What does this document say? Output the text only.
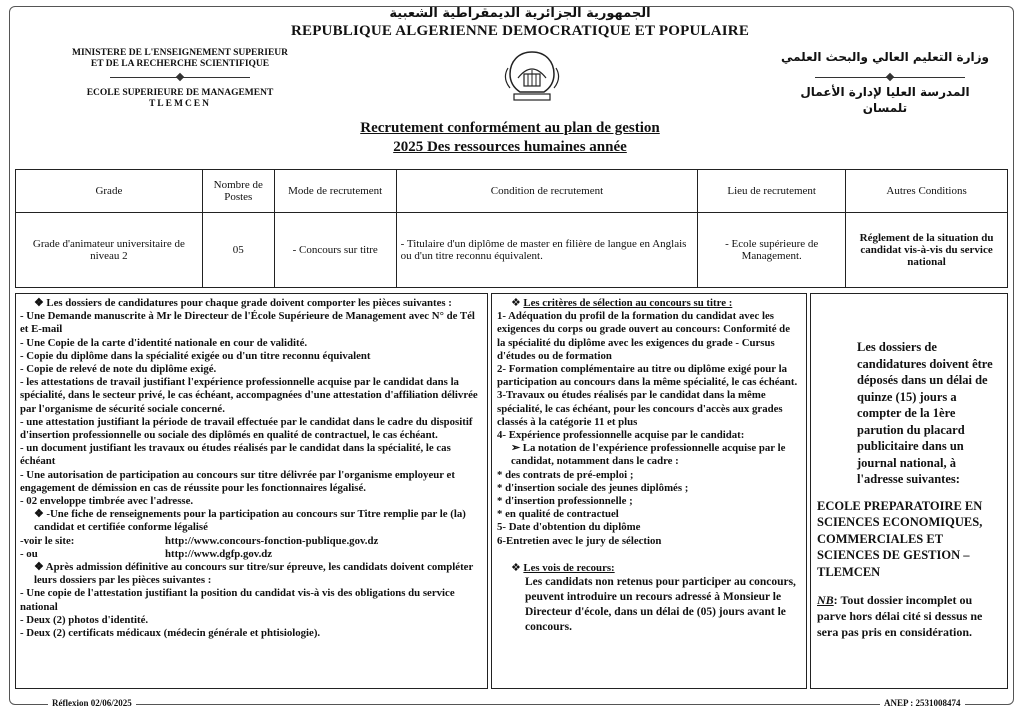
الجمهورية الجزائرية الديمقراطية الشعبية
REPUBLIQUE ALGERIENNE DEMOCRATIQUE ET POPULAIRE
MINISTERE DE L'ENSEIGNEMENT SUPERIEUR
ET DE LA RECHERCHE SCIENTIFIQUE
ECOLE SUPERIEURE DE MANAGEMENT
TLEMCEN
وزارة التعليم العالي والبحث العلمي
المدرسة العليا لإدارة الأعمال
تلمسان
Recrutement conformément au plan de gestion
2025 Des ressources humaines année
Grade	Nombre de Postes	Mode de recrutement	Condition de recrutement	Lieu de recrutement	Autres Conditions
Grade d'animateur universitaire de niveau 2	05	- Concours sur titre	- Titulaire d'un diplôme de master en filière de langue en Anglais ou d'un titre reconnu équivalent.	- Ecole supérieure de Management.	Réglement de la situation du candidat vis-à-vis du service national

❖ Les dossiers de candidatures pour chaque grade doivent comporter les pièces suivantes :

- Une Demande manuscrite à Mr le Directeur de l'École Supérieure de Management avec N° de Tél et E-mail

- Une Copie de la carte d'identité nationale en cour de validité.

- Copie du diplôme dans la spécialité exigée ou d'un titre reconnu équivalent

- Copie de relevé de note du diplôme exigé.

- les attestations de travail justifiant l'expérience professionnelle acquise par le candidat dans la spécialité, dans le secteur privé, le cas échéant, accompagnées d'une attestation d'affiliation délivrée par l'organisme de sécurité sociale concerné.

- une attestation justifiant la période de travail effectuée par le candidat dans le cadre du dispositif d'insertion professionnelle ou sociale des diplômés en qualité de contractuel, le cas échéant.

- un document justifiant les travaux ou études réalisés par le candidat dans la spécialité, le cas échéant

- Une autorisation de participation au concours sur titre délivrée par l'organisme employeur et engagement de démission en cas de réussite pour les fonctionnaires légalisé.

- 02 enveloppe timbrée avec l'adresse.

❖ -Une fiche de renseignements pour la participation au concours sur Titre remplie par le (la) candidat et certifiée conforme légalisé

-voir le site:	http://www.concours-fonction-publique.gov.dz

- ou	http://www.dgfp.gov.dz

❖ Après admission définitive au concours sur titre/sur épreuve, les candidats doivent compléter leurs dossiers par les pièces suivantes :

- Une copie de l'attestation justifiant la position du candidat vis-à vis des obligations du service national

- Deux (2) photos d'identité.

- Deux (2) certificats médicaux (médecin générale et phtisiologie).

❖ Les critères de sélection au concours su titre :

1- Adéquation du profil de la formation du candidat avec les exigences du corps ou grade ouvert au concours: Conformité de la spécialité du diplôme avec les exigences du grade - Cursus d'études ou de formation

2- Formation complémentaire au titre ou diplôme exigé pour la participation au concours dans la même spécialité, le cas échéant.

3-Travaux ou études réalisés par le candidat dans la même spécialité, le cas échéant, pour les concours d'accès aux grades classés à la catégorie 11 et plus

4- Expérience professionnelle acquise par le candidat:

➢ La notation de l'expérience professionnelle acquise par le candidat, notamment dans le cadre :

* des contrats de pré-emploi ;

* d'insertion sociale des jeunes diplômés ;

* d'insertion professionnelle ;

* en qualité de contractuel

5- Date d'obtention du diplôme

6-Entretien avec le jury de sélection

❖ Les vois de recours:

Les candidats non retenus pour participer au concours, peuvent introduire un recours adressé à Monsieur le Directeur d'école, dans un délai de (05) jours avant le concours.

Les dossiers de candidatures doivent être déposés dans un délai de quinze (15) jours a compter de la 1ère parution du placard publicitaire dans un journal national, à l'adresse suivantes:

ECOLE PREPARATOIRE EN SCIENCES ECONOMIQUES, COMMERCIALES ET SCIENCES DE GESTION – TLEMCEN

NB: Tout dossier incomplet ou parve hors délai cité si dessus ne sera pas pris en considération.

Réflexion 02/06/2025	ANEP : 2531008474
